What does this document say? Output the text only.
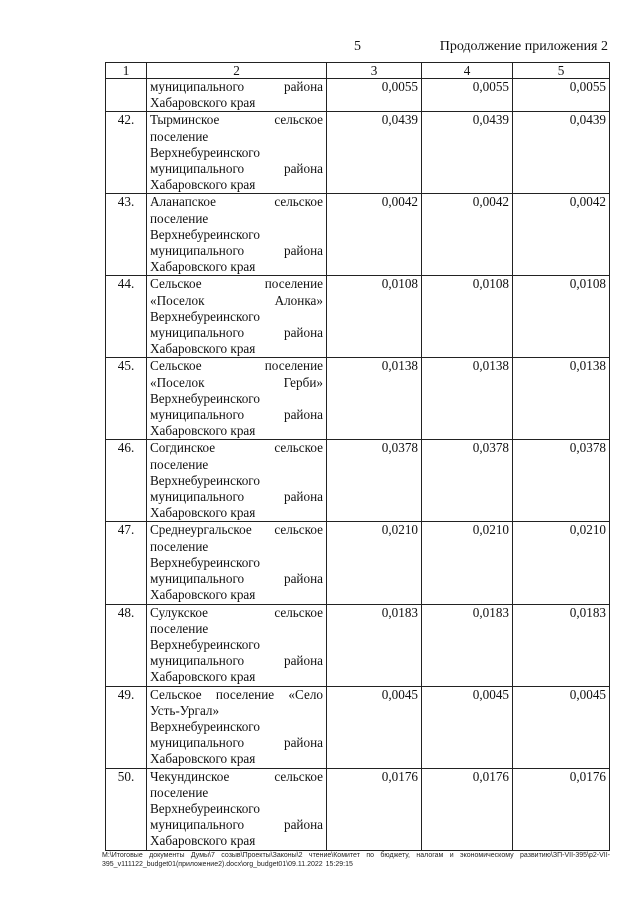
5	Продолжение приложения 2
1	2	3	4	5

	муниципального района
Хабаровского края	0,0055	0,0055	0,0055
42.	Тырминское сельское
поселение
Верхнебуреинского
муниципального района
Хабаровского края	0,0439	0,0439	0,0439
43.	Аланапское сельское
поселение
Верхнебуреинского
муниципального района
Хабаровского края	0,0042	0,0042	0,0042
44.	Сельское поселение
«Поселок Алонка»
Верхнебуреинского
муниципального района
Хабаровского края	0,0108	0,0108	0,0108
45.	Сельское поселение
«Поселок Герби»
Верхнебуреинского
муниципального района
Хабаровского края	0,0138	0,0138	0,0138
46.	Согдинское сельское
поселение
Верхнебуреинского
муниципального района
Хабаровского края	0,0378	0,0378	0,0378
47.	Среднеургальское сельское
поселение
Верхнебуреинского
муниципального района
Хабаровского края	0,0210	0,0210	0,0210
48.	Сулукское сельское
поселение
Верхнебуреинского
муниципального района
Хабаровского края	0,0183	0,0183	0,0183
49.	Сельское поселение «Село
Усть-Ургал»
Верхнебуреинского
муниципального района
Хабаровского края	0,0045	0,0045	0,0045
50.	Чекундинское сельское
поселение
Верхнебуреинского
муниципального района
Хабаровского края	0,0176	0,0176	0,0176
M:\Итоговые документы Думы\7 созыв\Проекты\Законы\2 чтение\Комитет по бюджету, налогам и экономическому развитию\ЗП-VII-395\р2-VII-395_v111122_budget01(приложение2).docx\org_budget01\09.11.2022 15:29:15
